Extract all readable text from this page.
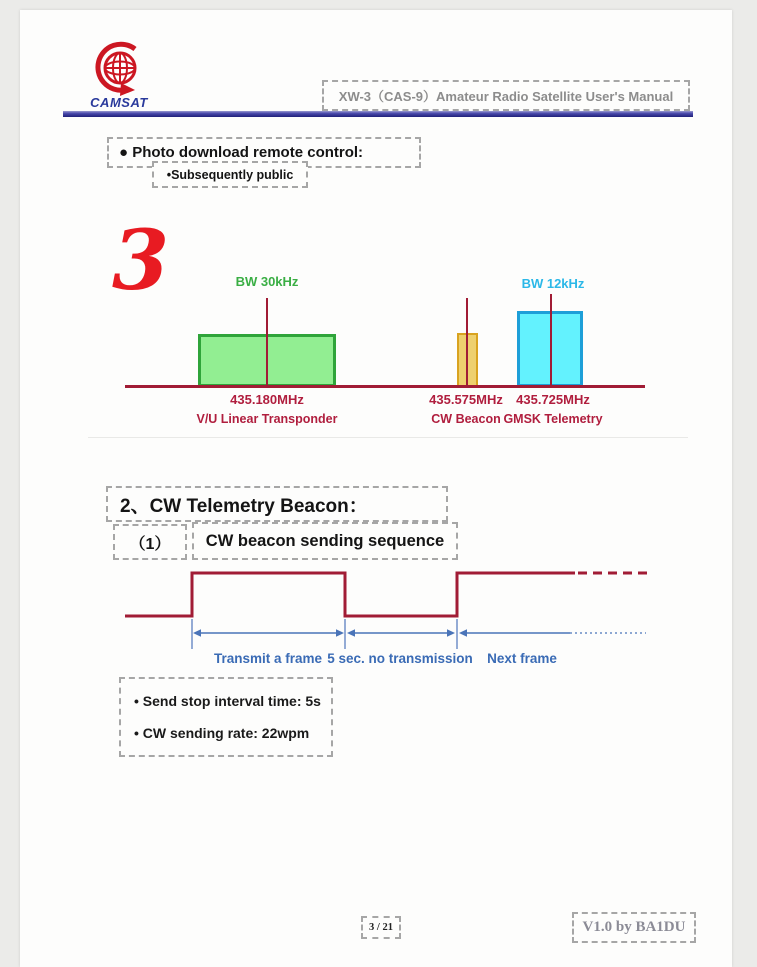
CAMSAT	XW-3（CAS-9）Amateur Radio Satellite User's Manual
● Photo download remote control:
•Subsequently public
3	BW 30kHz	BW 12kHz
435.180MHz	435.575MHz	435.725MHz
V/U Linear Transponder	CW Beacon GMSK Telemetry
2、CW Telemetry Beacon：
（1） CW beacon sending sequence
Transmit a frame 5 sec. no transmission	Next frame
• Send stop interval time: 5s
• CW sending rate: 22wpm
3 / 21	V1.0 by BA1DU
